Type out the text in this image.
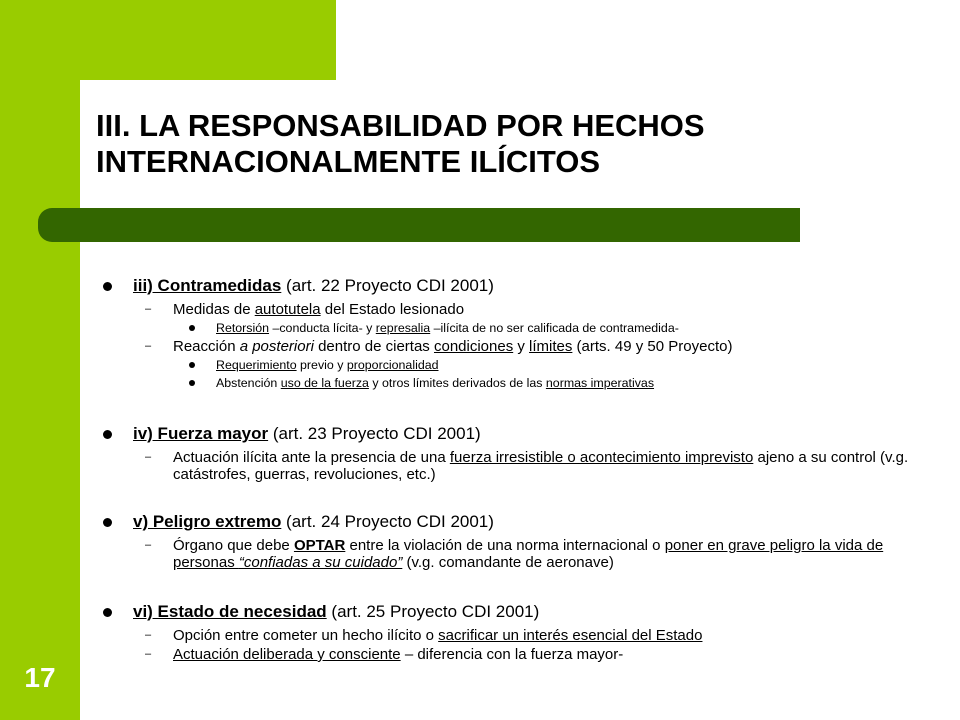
17
III. LA RESPONSABILIDAD POR HECHOS INTERNACIONALMENTE ILÍCITOS
iii) Contramedidas (art. 22 Proyecto CDI 2001)
– Medidas de autotutela del Estado lesionado
Retorsión –conducta lícita- y represalia –ilícita de no ser calificada de contramedida-
– Reacción a posteriori dentro de ciertas condiciones y límites (arts. 49 y 50 Proyecto)
Requerimiento previo y proporcionalidad
Abstención uso de la fuerza y otros límites derivados de las normas imperativas
iv) Fuerza mayor (art. 23 Proyecto CDI 2001)
– Actuación ilícita ante la presencia de una fuerza irresistible o acontecimiento imprevisto ajeno a su control (v.g. catástrofes, guerras, revoluciones, etc.)
v) Peligro extremo (art. 24 Proyecto CDI 2001)
– Órgano que debe OPTAR entre la violación de una norma internacional o poner en grave peligro la vida de personas “confiadas a su cuidado” (v.g. comandante de aeronave)
vi) Estado de necesidad (art. 25 Proyecto CDI 2001)
– Opción entre cometer un hecho ilícito o sacrificar un interés esencial del Estado
– Actuación deliberada y consciente – diferencia con la fuerza mayor-
